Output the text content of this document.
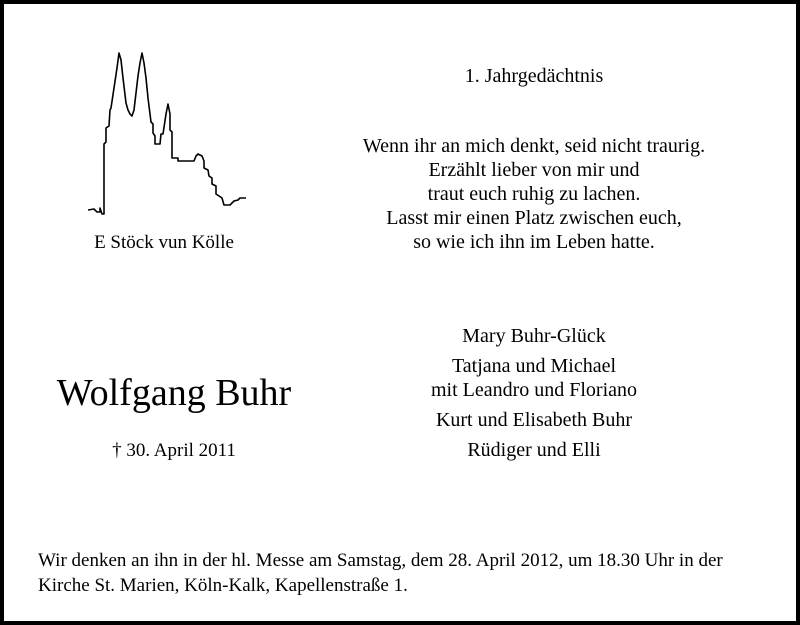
E Stöck vun Kölle
1. Jahrgedächtnis
Wenn ihr an mich denkt, seid nicht traurig.
Erzählt lieber von mir und
traut euch ruhig zu lachen.
Lasst mir einen Platz zwischen euch,
so wie ich ihn im Leben hatte.
Wolfgang Buhr
† 30. April 2011
Mary Buhr-Glück
Tatjana und Michael
mit Leandro und Floriano
Kurt und Elisabeth Buhr
Rüdiger und Elli
Wir denken an ihn in der hl. Messe am Samstag, dem 28. April 2012, um 18.30 Uhr in der
Kirche St. Marien, Köln-Kalk, Kapellenstraße 1.
